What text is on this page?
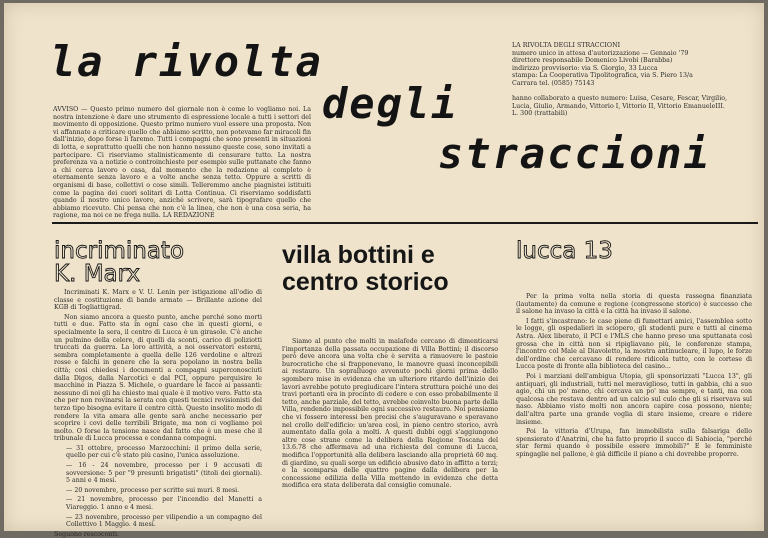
la rivolta
degli
straccioni
AVVISO — Questo primo numero del giornale non è come lo vogliamo noi. La nostra intenzione è dare uno strumento di espressione locale a tutti i settori del movimento di opposizione. Questo primo numero vuol essere una proposta. Non vi affannate a criticare quello che abbiamo scritto, non potevamo far miracoli fin dall'inizio, dopo forse li faremo. Tutti i compagni che sono presenti in situazioni di lotta, e soprattutto quelli che non hanno nessuno queste cose, sono invitati a partecipare. Ci riserviamo stalinisticamente di censurare tutto. La nostra preferenza va a notizie o controinchieste per esempio sulle puttanate che fanno a chi cerca lavoro o casa, dal momento che la redazione al completo è eternamente senza lavoro e a volte anche senza tetto. Oppure a scritti di organismi di base, collettivi o cose simili. Telleremmo anche piagnistei istituiti come la pagina dei cuori solitari di Lotta Continua. Ci riserviamo soddisfatti quando il nostro unico lavoro, anziché scrivere, sarà tipografare quello che abbiamo ricevuto. Chi pensa che non c'è la linea, che non è una cosa seria, ha ragione, ma noi ce ne frega nulla. LA REDAZIONE
LA RIVOLTA DEGLI STRACCIONI
numero unico in attesa d'autorizzazione — Gennaio '79
direttore responsabile Domenico Livobi (Barabba)
indirizzo provvisorio: via S. Giorgio, 33 Lucca
stampa: La Cooperativa Tipolitografica, via S. Piero 13/a
Carrara tel. (0585) 75143

hanno collaborato a questo numero: Luisa, Cesare, Fescar, Virgilio,
Lucia, Giulio, Armando, Vittorio I, Vittorio II, Vittorio EmanueleIII.
L. 300 (trattabili)
incriminato
K. Marx

Incriminati K. Marx e V. U. Lenin per istigazione all'odio di classe e costituzione di bande armate — Brillante azione del KGB di Togliattigrad.

Non siamo ancora a questo punto, anche perché sono morti tutti e due. Fatto sta in ogni caso che in questi giorni, e specialmente la sera, il centro di Lucca è un girasole. C'è anche un pulmino della celere, di quelli da sconti, carico di poliziotti truccati da guerra. La loro attività, a noi osservatori esterni, sembra completamente a quella delle 126 verdoline e altrezi rosse e falchi in genere che la sera popolano in nostra bella città; così chiedesi i documenti a compagni superconosciuti dalla Digos, dalla Narcotici e dal PCI, oppure perquisire le macchine in Piazza S. Michele, o guardare le facce ai passanti: nessuno di noi gli ha chiesto mai quale è il motivo vero. Fatto sta che per non rovinarsi la serata con questi tecnici revisionisti del terzo tipo bisogna evitare il centro città. Questo insolito modo di rendere la vita amara alle gente sarà anche necessario per scoprire i covi delle terribili Brigate, ma non ci vogliamo poi molto. O forse la tensione nasce dal fatto che è un mese che il tribunale di Lucca processa e condanna compagni.

— 31 ottobre, processo Marzocchini: il primo della serie, quello per cui c'è stato più casino, l'unica assoluzione.
— 16 - 24 novembre, processo per i 9 accusati di sovversione: 5 per "9 presunti brigatisti" (titoli dei giornali). 5 anni e 4 mesi.
— 20 novembre, processo per scritte sui muri. 8 mesi.
— 21 novembre, processo per l'incendio del Manetti a Viareggio. 1 anno e 4 mesi.
— 23 novembre, processo per vilipendio a un compagno del Collettivo 1 Maggio. 4 mesi.
Seguono rescoconti.
villa bottini e centro storico

Siamo al punto che molti in malafede cercano di dimenticarsi l'importanza della passata occupazione di Villa Bottini; il discorso però deve ancora una volta che è servita a rimuovere le pastoie burocratiche che si frapponevano, le manovre quasi inconcepibili ai restauro. Un sopralluogo avvenuto pochi giorni prima dello sgombero mise in evidenza che un ulteriore ritardo dell'inizio dei lavori avrebbe potuto pregiudicare l'intera struttura poiché uno dei travi portanti era in procinto di cedere e con esso probabilmente il tetto, anche parziale, del tetto, avrebbe coinvolto buona parte della Villa, rendendo impossibile ogni successivo restauro. Noi pensiamo che vi fossero interessi ben precisi che s'auguravano e speravano nel crollo dell'edificio: un'area così, in pieno centro storico, avrà aumentato dalla gola a molti. A questi dubbi oggi s'aggiungono altre cose strane come la delibera della Regione Toscana del 13.6.78 che affermava ad una richiesta del comune di Lucca, modifica l'opportunità alla delibera lasciando alla proprietà 60 mq. di giardino, su quali sorge un edificio abusivo dato in affitto a terzi; e la scomparsa delle quattro pagine dalla delibera per la concessione edilizia della Villa mettendo in evidenza che detta modifica era stata deliberata dal consiglio comunale.

lucca 13

Per la prima volta nella storia di questa rassegna finanziata (lautamente) da comune e regione (congressone storico) è successo che il salone ha invaso la città e la città ha invaso il salone.

I fatti s'incastrano: le case piene di fumettari amici, l'assemblea sotto le logge, gli ospedalieri in sciopero, gli studenti pure e tutti al cinema Astra. Alex liberato, il PCI e l'MLS che hanno preso una sputtanata così grossa che in città non si ripigliavano più, le conferenze stampa, l'incontro col Male al Diavoletto, la mostra antinucleare, il lupo, le forze dell'ordine che cercavano di rendere ridicola tutto, con le cortese di Lucca poste di fronte alla biblioteca del casino...

Poi i marziani dell'ambigua Utopia, gli sponsorizzati "Lucca 13", gli antiquari, gli industriali, tutti nel meraviglioso, tutti in gabbia, chi a suo agio, chi un po' meno, chi cercava un po' ma sempre, e tanti, ma con qualcosa che restava dentro ad un calcio sul culo che gli si riservava sul naso. Abbiamo visto molti non ancora capire cosa possono, niente; dall'altra parte una grande voglia di stare insieme, creare e ridere insieme.

Poi la vittoria d'Urupa, fan immobilista sulla falsariga dello spensierato d'Anatrini, che ha fatto proprio il succo di Sabiocia, "perché star fermi quando è possibile essere immobili?" E le femministe spingaglie nel pallone, è già difficile il piano a chi dovrebbe proporre.
